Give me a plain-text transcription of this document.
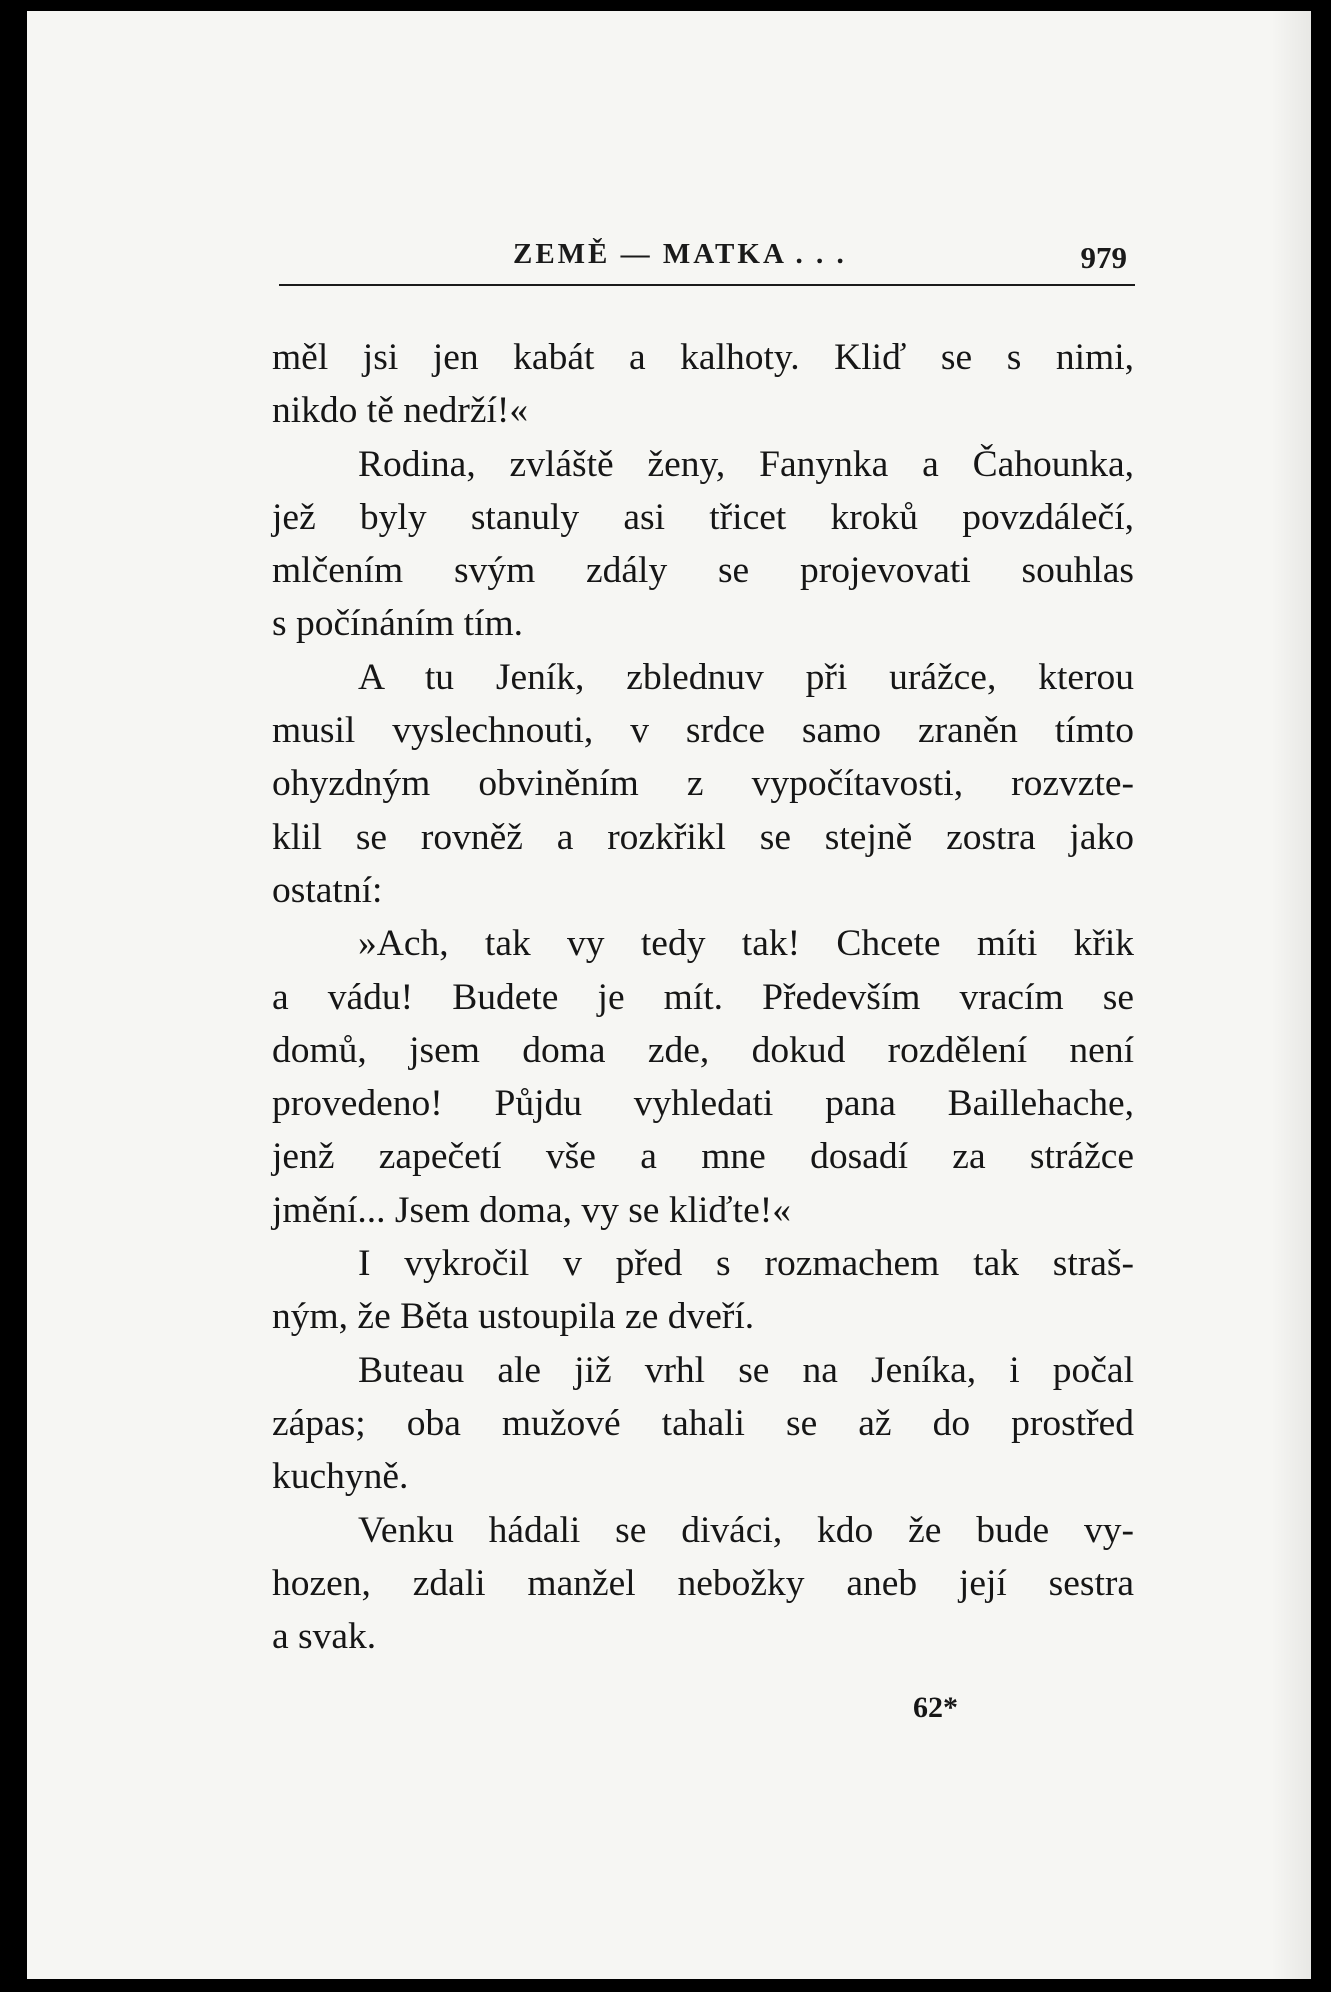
ZEMĚ — MATKA . . .	979
měl jsi jen kabát a kalhoty. Kliď se s nimi,
nikdo tě nedrží!«
Rodina, zvláště ženy, Fanynka a Čahounka,
jež byly stanuly asi třicet kroků povzdálečí,
mlčením svým zdály se projevovati souhlas
s počínáním tím.
A tu Jeník, zblednuv při urážce, kterou
musil vyslechnouti, v srdce samo zraněn tímto
ohyzdným obviněním z vypočítavosti, rozvzte-
klil se rovněž a rozkřikl se stejně zostra jako
ostatní:
»Ach, tak vy tedy tak! Chcete míti křik
a vádu! Budete je mít. Především vracím se
domů, jsem doma zde, dokud rozdělení není
provedeno! Půjdu vyhledati pana Baillehache,
jenž zapečetí vše a mne dosadí za strážce
jmění... Jsem doma, vy se kliďte!«
I vykročil v před s rozmachem tak straš-
ným, že Běta ustoupila ze dveří.
Buteau ale již vrhl se na Jeníka, i počal
zápas; oba mužové tahali se až do prostřed
kuchyně.
Venku hádali se diváci, kdo že bude vy-
hozen, zdali manžel nebožky aneb její sestra
a svak.
62*
